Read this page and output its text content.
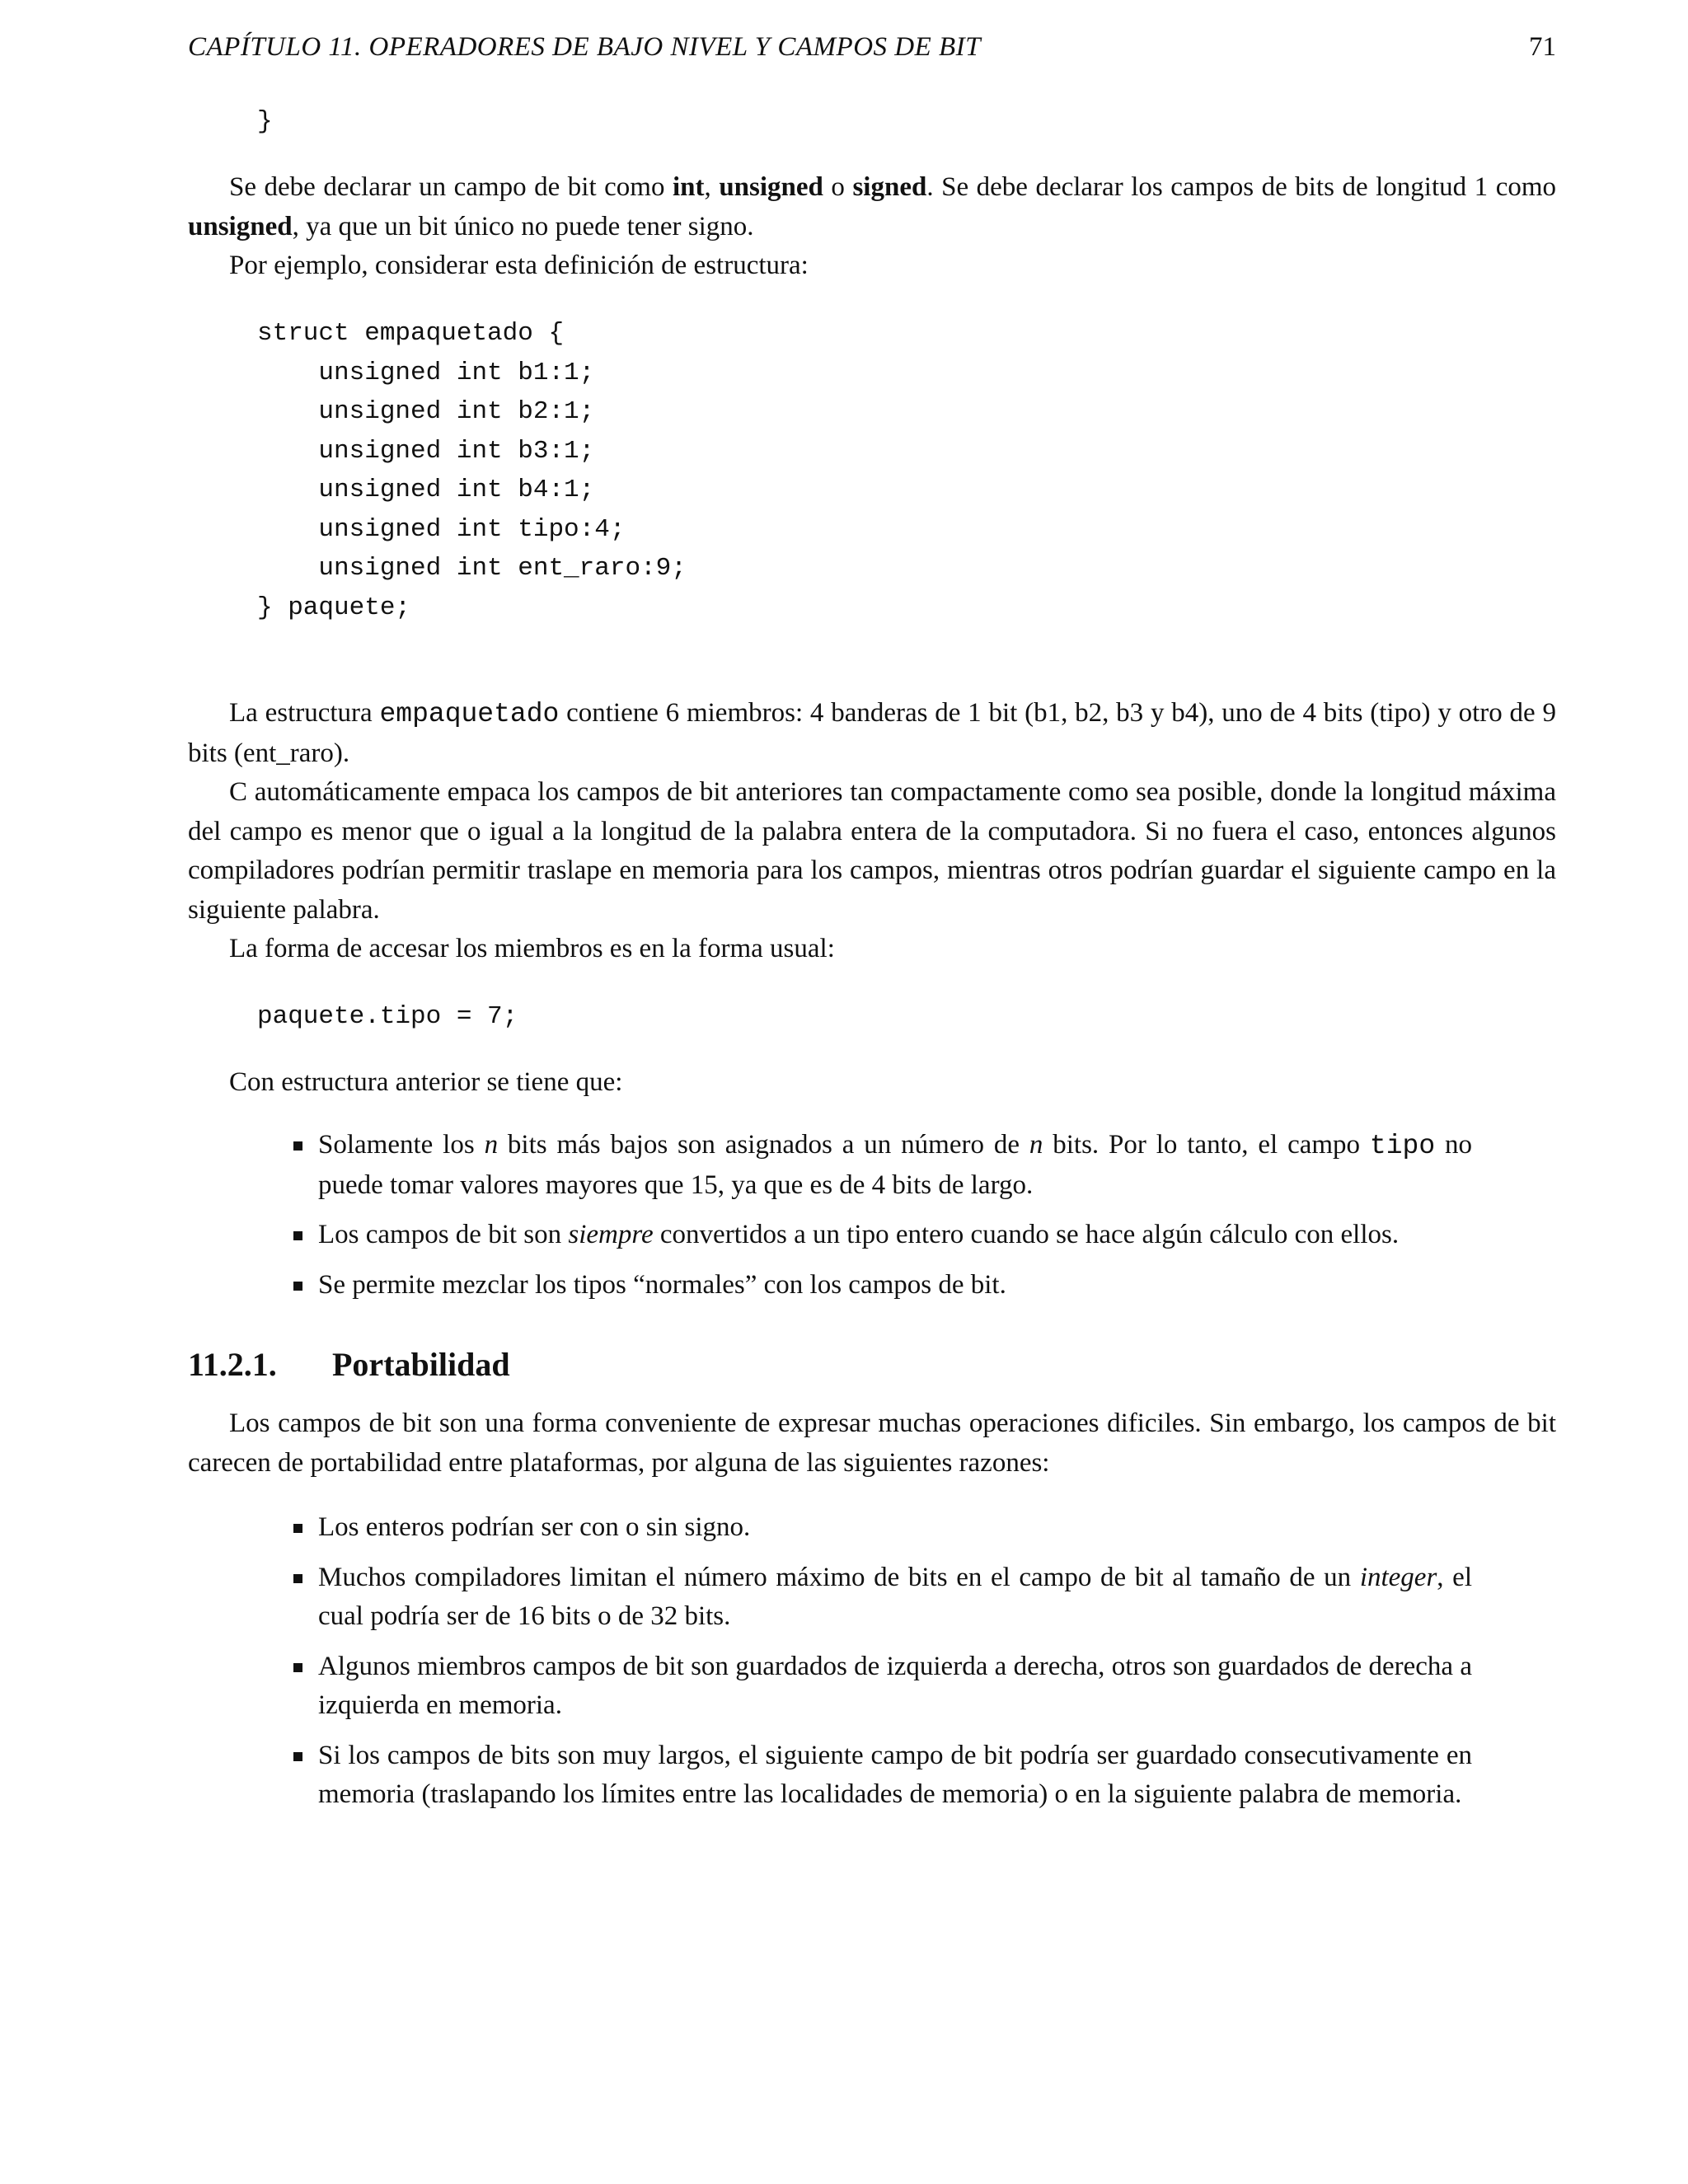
CAPÍTULO 11. OPERADORES DE BAJO NIVEL Y CAMPOS DE BIT	71
}

Se debe declarar un campo de bit como int, unsigned o signed. Se debe declarar los campos de bits de longitud 1 como unsigned, ya que un bit único no puede tener signo.

Por ejemplo, considerar esta definición de estructura:

struct empaquetado {
unsigned int b1:1;
unsigned int b2:1;
unsigned int b3:1;
unsigned int b4:1;
unsigned int tipo:4;
unsigned int ent_raro:9;
} paquete;

La estructura empaquetado contiene 6 miembros: 4 banderas de 1 bit (b1, b2, b3 y b4), uno de 4 bits (tipo) y otro de 9 bits (ent_raro).

C automáticamente empaca los campos de bit anteriores tan compactamente como sea posible, donde la longitud máxima del campo es menor que o igual a la longitud de la palabra entera de la computadora. Si no fuera el caso, entonces algunos compiladores podrían permitir traslape en memoria para los campos, mientras otros podrían guardar el siguiente campo en la siguiente palabra.

La forma de accesar los miembros es en la forma usual:

paquete.tipo = 7;

Con estructura anterior se tiene que:

Solamente los n bits más bajos son asignados a un número de n bits. Por lo tanto, el campo tipo no puede tomar valores mayores que 15, ya que es de 4 bits de largo.
Los campos de bit son siempre convertidos a un tipo entero cuando se hace algún cálculo con ellos.
Se permite mezclar los tipos “normales” con los campos de bit.
11.2.1. Portabilidad

Los campos de bit son una forma conveniente de expresar muchas operaciones dificiles. Sin embargo, los campos de bit carecen de portabilidad entre plataformas, por alguna de las siguientes razones:

Los enteros podrían ser con o sin signo.
Muchos compiladores limitan el número máximo de bits en el campo de bit al tamaño de un integer, el cual podría ser de 16 bits o de 32 bits.
Algunos miembros campos de bit son guardados de izquierda a derecha, otros son guardados de derecha a izquierda en memoria.
Si los campos de bits son muy largos, el siguiente campo de bit podría ser guardado consecutivamente en memoria (traslapando los límites entre las localidades de memoria) o en la siguiente palabra de memoria.
